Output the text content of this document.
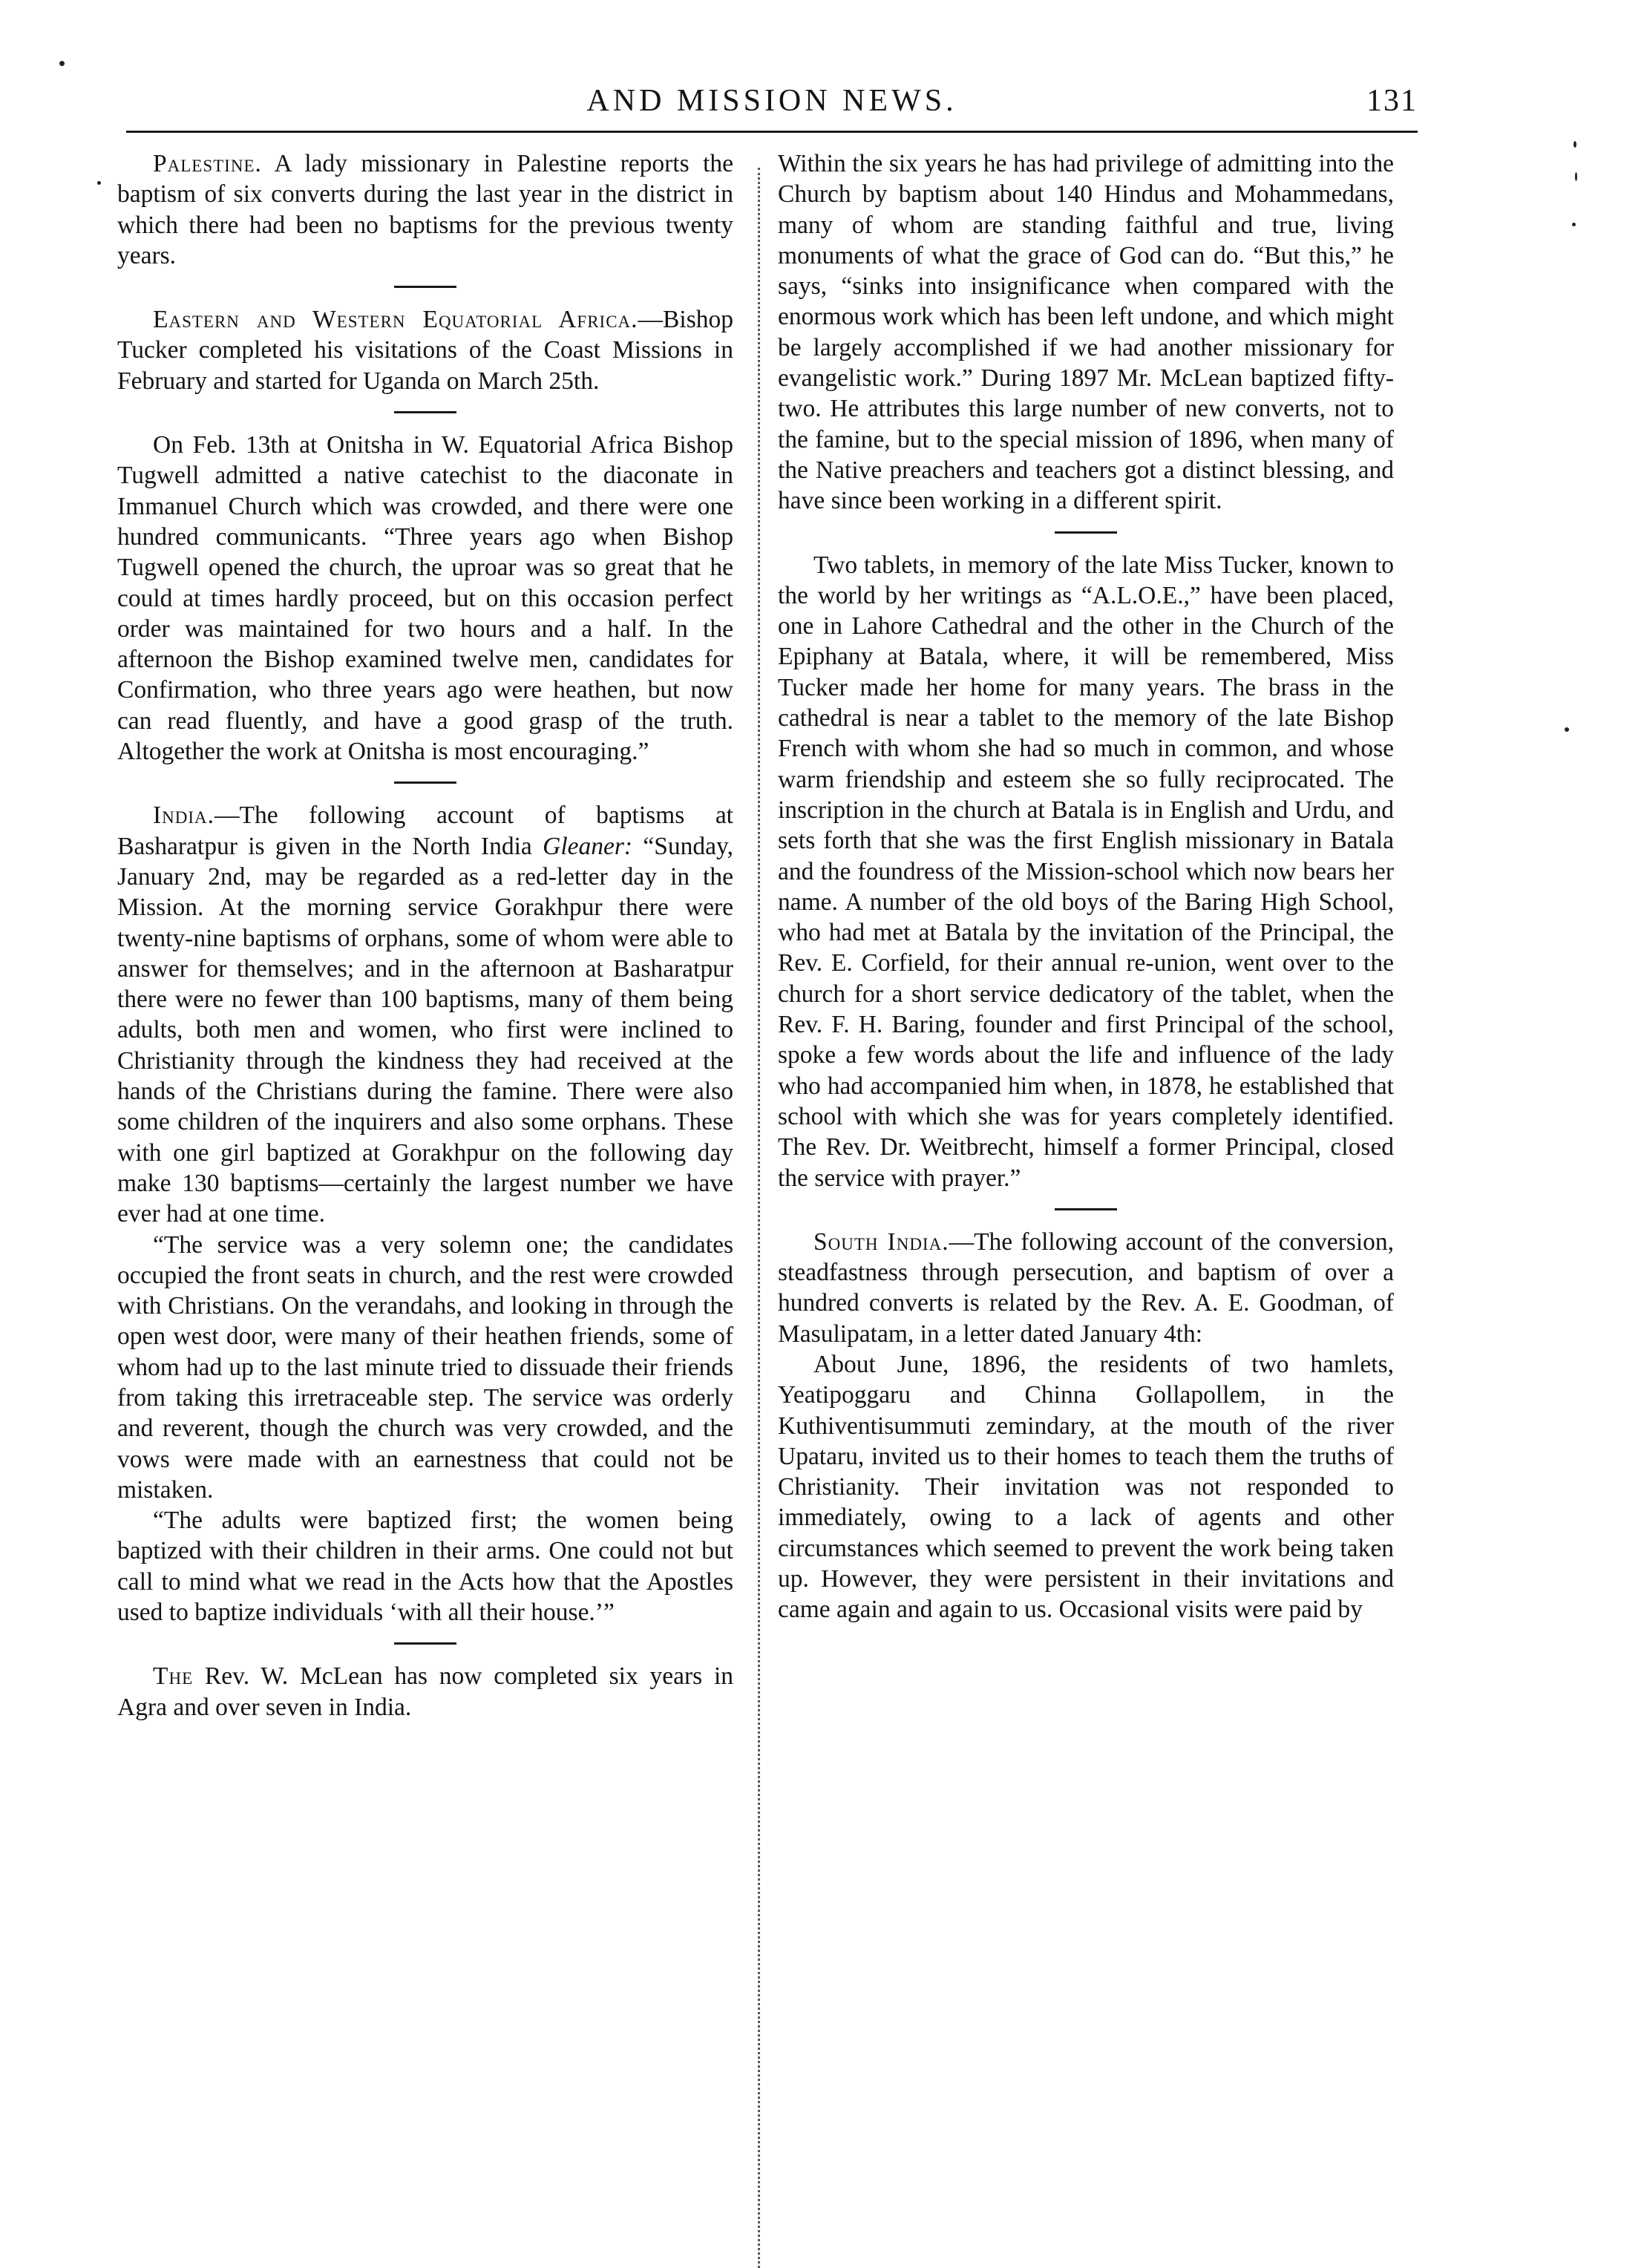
AND MISSION NEWS.	131

Palestine. A lady missionary in Palestine reports the baptism of six converts during the last year in the district in which there had been no baptisms for the previous twenty years.

Eastern and Western Equatorial Africa.—Bishop Tucker completed his visitations of the Coast Missions in February and started for Uganda on March 25th.

On Feb. 13th at Onitsha in W. Equatorial Africa Bishop Tugwell admitted a native catechist to the diaconate in Immanuel Church which was crowded, and there were one hundred communicants. “Three years ago when Bishop Tugwell opened the church, the uproar was so great that he could at times hardly proceed, but on this occasion perfect order was maintained for two hours and a half. In the afternoon the Bishop examined twelve men, candidates for Confirmation, who three years ago were heathen, but now can read fluently, and have a good grasp of the truth. Altogether the work at Onitsha is most encouraging.”

India.—The following account of baptisms at Basharatpur is given in the North India Gleaner: “Sunday, January 2nd, may be regarded as a red-letter day in the Mission. At the morning service Gorakhpur there were twenty-nine baptisms of orphans, some of whom were able to answer for themselves; and in the afternoon at Basharatpur there were no fewer than 100 baptisms, many of them being adults, both men and women, who first were inclined to Christianity through the kindness they had received at the hands of the Christians during the famine. There were also some children of the inquirers and also some orphans. These with one girl baptized at Gorakhpur on the following day make 130 baptisms—certainly the largest number we have ever had at one time.

“The service was a very solemn one; the candidates occupied the front seats in church, and the rest were crowded with Christians. On the verandahs, and looking in through the open west door, were many of their heathen friends, some of whom had up to the last minute tried to dissuade their friends from taking this irretraceable step. The service was orderly and reverent, though the church was very crowded, and the vows were made with an earnestness that could not be mistaken.

“The adults were baptized first; the women being baptized with their children in their arms. One could not but call to mind what we read in the Acts how that the Apostles used to baptize individuals ‘with all their house.’”

The Rev. W. McLean has now completed six years in Agra and over seven in India.

Within the six years he has had privilege of admitting into the Church by baptism about 140 Hindus and Mohammedans, many of whom are standing faithful and true, living monuments of what the grace of God can do. “But this,” he says, “sinks into insignificance when compared with the enormous work which has been left undone, and which might be largely accomplished if we had another missionary for evangelistic work.” During 1897 Mr. McLean baptized fifty-two. He attributes this large number of new converts, not to the famine, but to the special mission of 1896, when many of the Native preachers and teachers got a distinct blessing, and have since been working in a different spirit.

Two tablets, in memory of the late Miss Tucker, known to the world by her writings as “A.L.O.E.,” have been placed, one in Lahore Cathedral and the other in the Church of the Epiphany at Batala, where, it will be remembered, Miss Tucker made her home for many years. The brass in the cathedral is near a tablet to the memory of the late Bishop French with whom she had so much in common, and whose warm friendship and esteem she so fully reciprocated. The inscription in the church at Batala is in English and Urdu, and sets forth that she was the first English missionary in Batala and the foundress of the Mission-school which now bears her name. A number of the old boys of the Baring High School, who had met at Batala by the invitation of the Principal, the Rev. E. Corfield, for their annual re-union, went over to the church for a short service dedicatory of the tablet, when the Rev. F. H. Baring, founder and first Principal of the school, spoke a few words about the life and influence of the lady who had accompanied him when, in 1878, he established that school with which she was for years completely identified. The Rev. Dr. Weitbrecht, himself a former Principal, closed the service with prayer.”

South India.—The following account of the conversion, steadfastness through persecution, and baptism of over a hundred converts is related by the Rev. A. E. Goodman, of Masulipatam, in a letter dated January 4th:

About June, 1896, the residents of two hamlets, Yeatipoggaru and Chinna Gollapollem, in the Kuthiventisummuti zemindary, at the mouth of the river Upataru, invited us to their homes to teach them the truths of Christianity. Their invitation was not responded to immediately, owing to a lack of agents and other circumstances which seemed to prevent the work being taken up. However, they were persistent in their invitations and came again and again to us. Occasional visits were paid by
